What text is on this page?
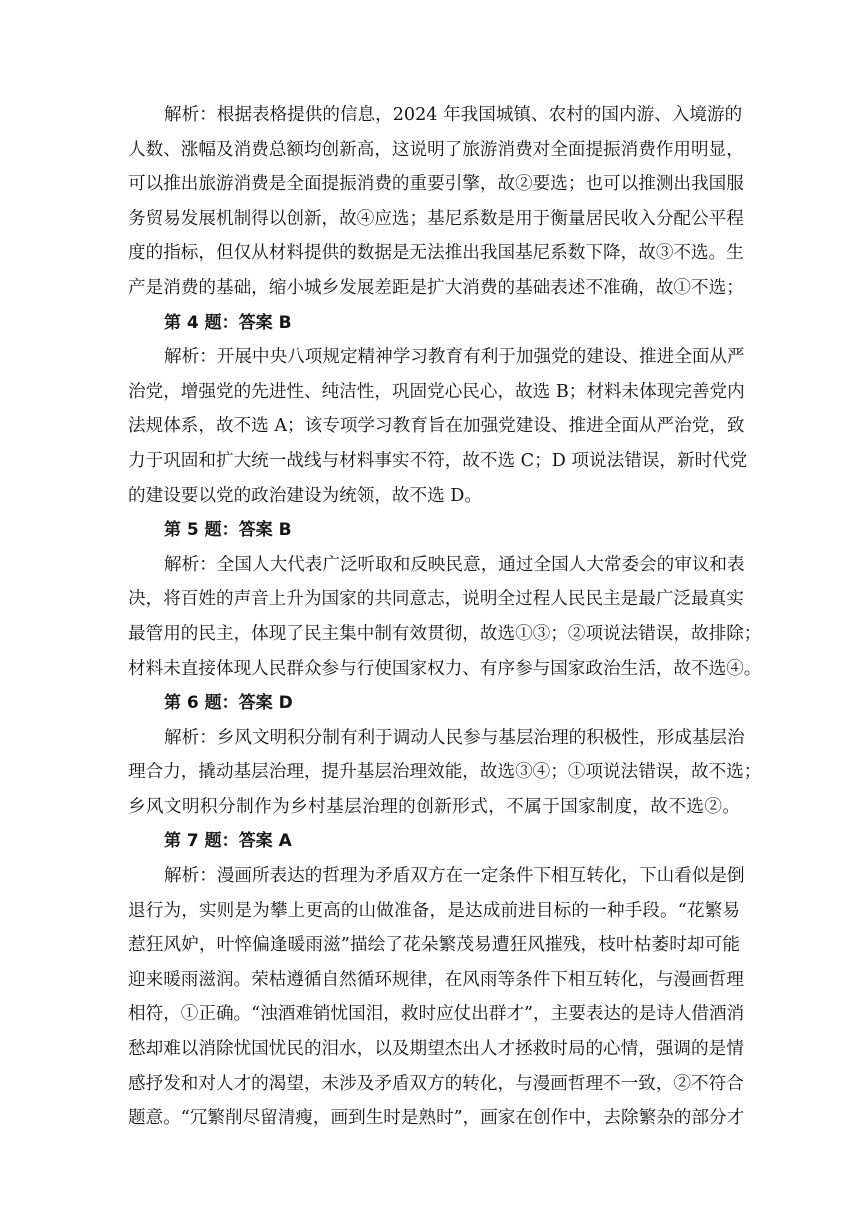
解析：根据表格提供的信息，2024 年我国城镇、农村的国内游、入境游的
人数、涨幅及消费总额均创新高，这说明了旅游消费对全面提振消费作用明显，
可以推出旅游消费是全面提振消费的重要引擎，故②要选；也可以推测出我国服
务贸易发展机制得以创新，故④应选；基尼系数是用于衡量居民收入分配公平程
度的指标，但仅从材料提供的数据是无法推出我国基尼系数下降，故③不选。生
产是消费的基础，缩小城乡发展差距是扩大消费的基础表述不准确，故①不选；
第 4 题：答案 B
解析：开展中央八项规定精神学习教育有利于加强党的建设、推进全面从严
治党，增强党的先进性、纯洁性，巩固党心民心，故选 B；材料未体现完善党内
法规体系，故不选 A；该专项学习教育旨在加强党建设、推进全面从严治党，致
力于巩固和扩大统一战线与材料事实不符，故不选 C；D 项说法错误，新时代党
的建设要以党的政治建设为统领，故不选 D。
第 5 题：答案 B
解析：全国人大代表广泛听取和反映民意，通过全国人大常委会的审议和表
决，将百姓的声音上升为国家的共同意志，说明全过程人民民主是最广泛最真实
最管用的民主，体现了民主集中制有效贯彻，故选①③；②项说法错误，故排除；
材料未直接体现人民群众参与行使国家权力、有序参与国家政治生活，故不选④。
第 6 题：答案 D
解析：乡风文明积分制有利于调动人民参与基层治理的积极性，形成基层治
理合力，撬动基层治理，提升基层治理效能，故选③④；①项说法错误，故不选；
乡风文明积分制作为乡村基层治理的创新形式，不属于国家制度，故不选②。
第 7 题：答案 A
解析：漫画所表达的哲理为矛盾双方在一定条件下相互转化，下山看似是倒
退行为，实则是为攀上更高的山做准备，是达成前进目标的一种手段。“花繁易
惹狂风妒，叶悴偏逢暖雨滋”描绘了花朵繁茂易遭狂风摧残，枝叶枯萎时却可能
迎来暖雨滋润。荣枯遵循自然循环规律，在风雨等条件下相互转化，与漫画哲理
相符，①正确。“浊酒难销忧国泪，救时应仗出群才”，主要表达的是诗人借酒消
愁却难以消除忧国忧民的泪水，以及期望杰出人才拯救时局的心情，强调的是情
感抒发和对人才的渴望，未涉及矛盾双方的转化，与漫画哲理不一致，②不符合
题意。“冗繁削尽留清瘦，画到生时是熟时”，画家在创作中，去除繁杂的部分才
